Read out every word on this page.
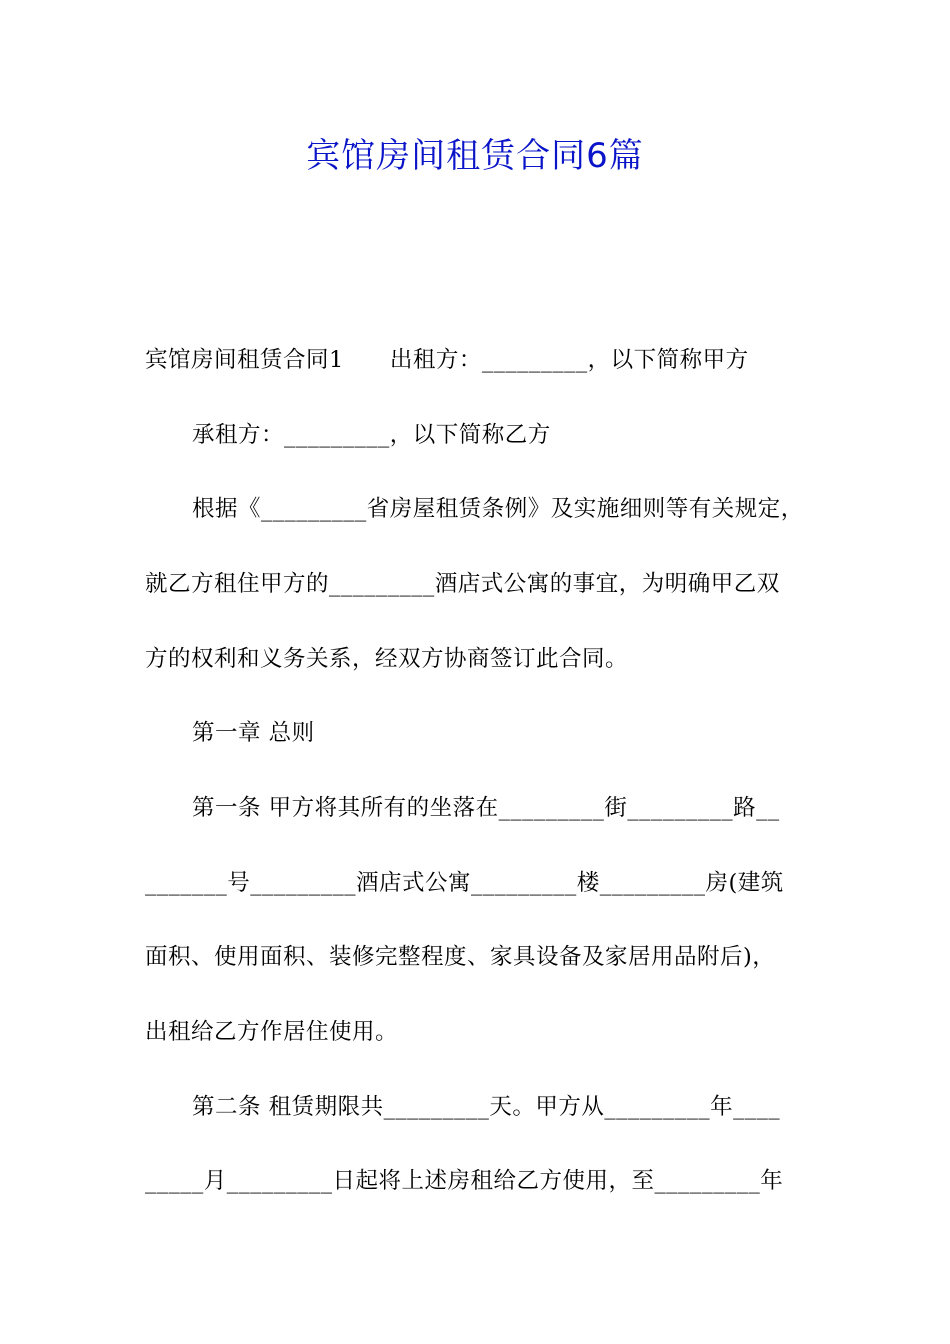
宾馆房间租赁合同6篇
宾馆房间租赁合同1　　出租方：_________，以下简称甲方
承租方：_________，以下简称乙方
根据《_________省房屋租赁条例》及实施细则等有关规定，
就乙方租住甲方的_________酒店式公寓的事宜，为明确甲乙双
方的权利和义务关系，经双方协商签订此合同。
第一章 总则
第一条 甲方将其所有的坐落在_________街_________路__
_______号_________酒店式公寓_________楼_________房(建筑
面积、使用面积、装修完整程度、家具设备及家居用品附后)，
出租给乙方作居住使用。
第二条 租赁期限共_________天。甲方从_________年____
_____月_________日起将上述房租给乙方使用，至_________年
